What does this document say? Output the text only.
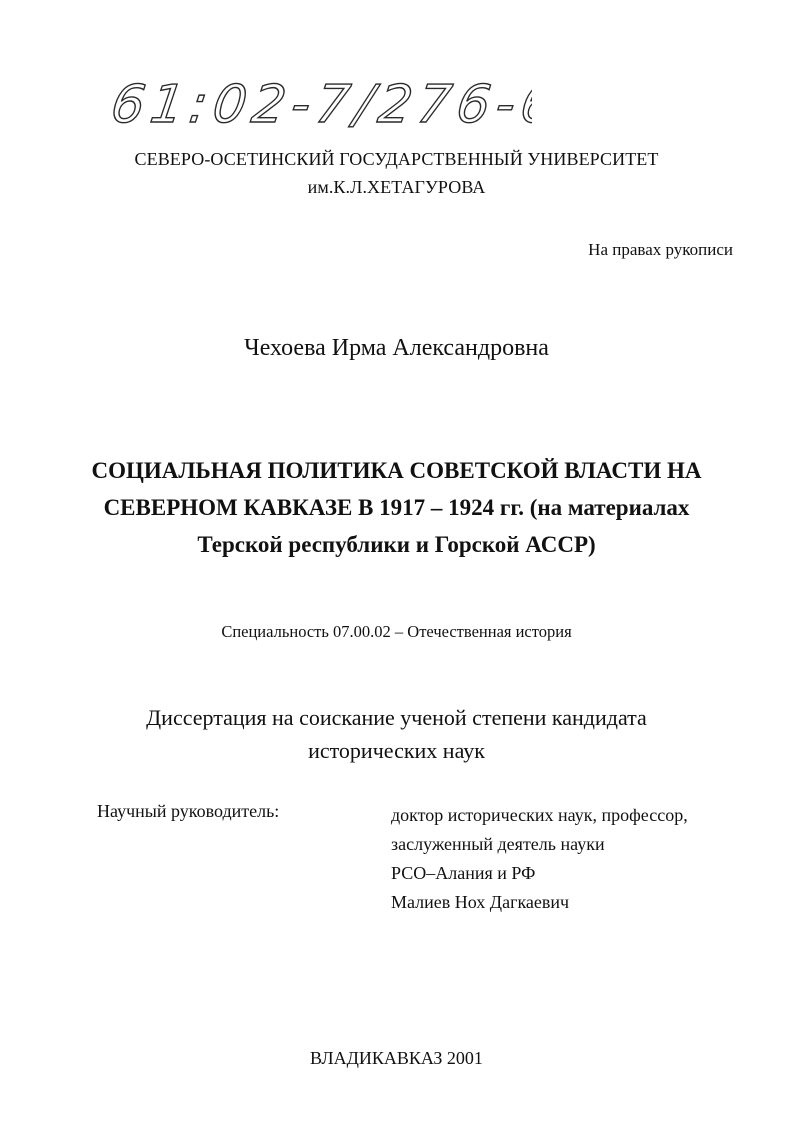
61:02-7/276-6
СЕВЕРО-ОСЕТИНСКИЙ ГОСУДАРСТВЕННЫЙ УНИВЕРСИТЕТ
им.К.Л.ХЕТАГУРОВА
На правах рукописи
Чехоева Ирма Александровна
СОЦИАЛЬНАЯ ПОЛИТИКА СОВЕТСКОЙ ВЛАСТИ НА
СЕВЕРНОМ КАВКАЗЕ В 1917 – 1924 гг. (на материалах
Терской республики и Горской АССР)
Специальность 07.00.02 – Отечественная история
Диссертация на соискание ученой степени кандидата
исторических наук
Научный руководитель:	доктор исторических наук, профессор,
заслуженный деятель науки
РСО–Алания и РФ
Малиев Нох Дагкаевич
ВЛАДИКАВКАЗ 2001
